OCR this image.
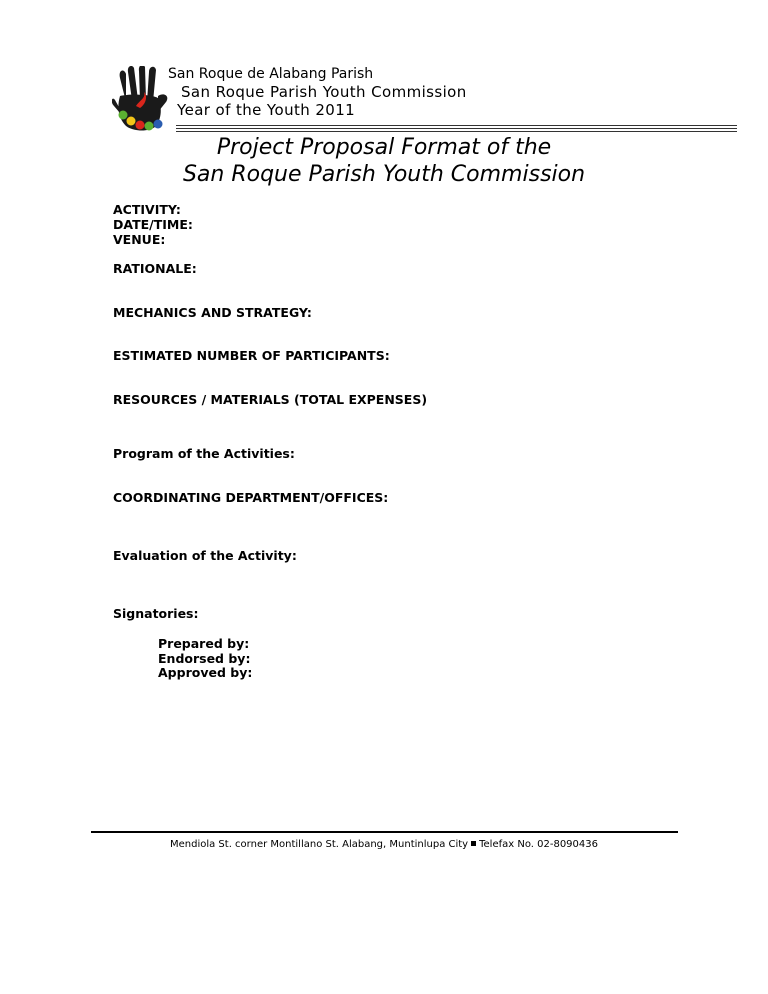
San Roque de Alabang Parish
San Roque Parish Youth Commission
Year of the Youth 2011
Project Proposal Format of the
San Roque Parish Youth Commission
ACTIVITY:
DATE/TIME:
VENUE:
RATIONALE:
MECHANICS AND STRATEGY:
ESTIMATED NUMBER OF PARTICIPANTS:
RESOURCES / MATERIALS (TOTAL EXPENSES)
Program of the Activities:
COORDINATING DEPARTMENT/OFFICES:
Evaluation of the Activity:
Signatories:
Prepared by:
Endorsed by:
Approved by:
Mendiola St. corner Montillano St. Alabang, Muntinlupa City Telefax No. 02-8090436
